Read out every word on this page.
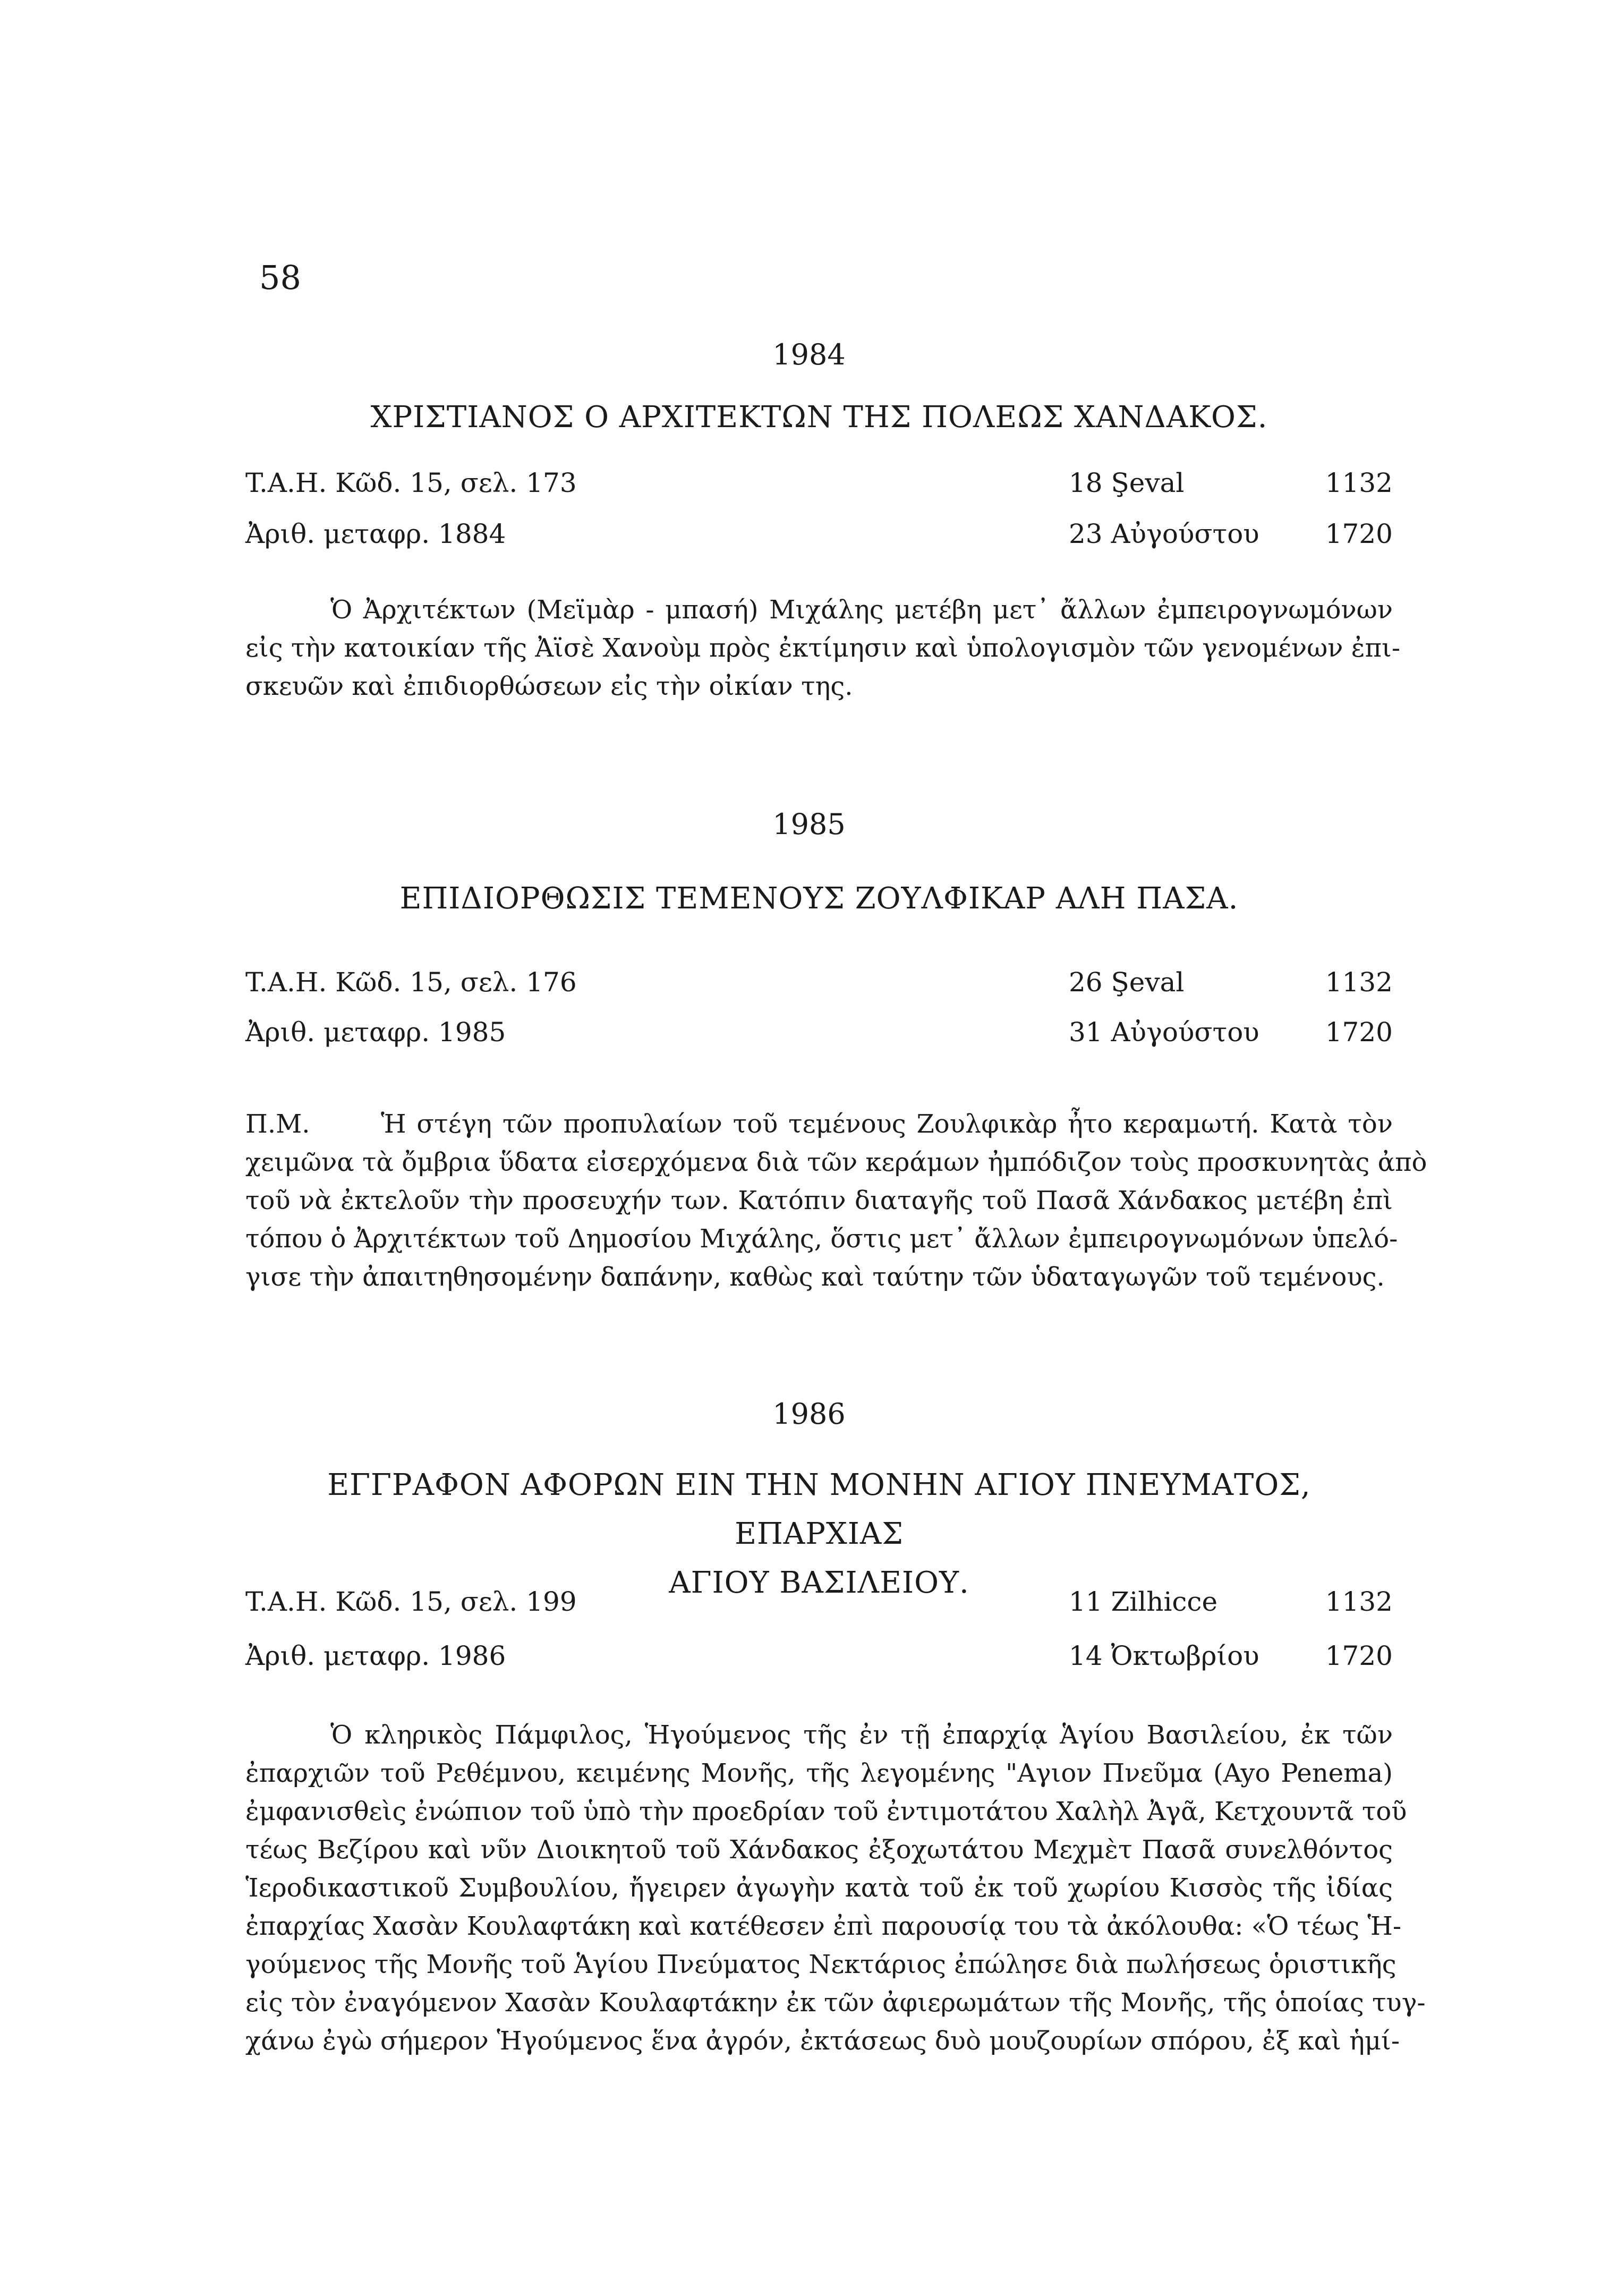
58
1984
ΧΡΙΣΤΙΑΝΟΣ Ο ΑΡΧΙΤΕΚΤΩΝ ΤΗΣ ΠΟΛΕΩΣ ΧΑΝΔΑΚΟΣ.
T.A.H. Κῶδ. 15, σελ. 173	18 Şeval	1132
Ἀριθ. μεταφρ. 1884	23 Αὐγούστου 1720
Ὁ Ἀρχιτέκτων (Μεϊμὰρ - μπασή) Μιχάλης μετέβη μετ᾽ ἄλλων ἐμπειρογνωμόνων
εἰς τὴν κατοικίαν τῆς Ἀϊσὲ Χανοὺμ πρὸς ἐκτίμησιν καὶ ὑπολογισμὸν τῶν γενομένων ἐπι-
σκευῶν καὶ ἐπιδιορθώσεων εἰς τὴν οἰκίαν της.
1985
ΕΠΙΔΙΟΡΘΩΣΙΣ ΤΕΜΕΝΟΥΣ ΖΟΥΛΦΙΚΑΡ ΑΛΗ ΠΑΣΑ.
T.A.H. Κῶδ. 15, σελ. 176	26 Şeval	1132
Ἀριθ. μεταφρ. 1985	31 Αὐγούστου 1720
Π.Μ.	Ἡ στέγη τῶν προπυλαίων τοῦ τεμένους Ζουλφικὰρ ἦτο κεραμωτή. Κατὰ τὸν
χειμῶνα τὰ ὄμβρια ὕδατα εἰσερχόμενα διὰ τῶν κεράμων ἠμπόδιζον τοὺς προσκυνητὰς ἀπὸ
τοῦ νὰ ἐκτελοῦν τὴν προσευχήν των. Κατόπιν διαταγῆς τοῦ Πασᾶ Χάνδακος μετέβη ἐπὶ
τόπου ὁ Ἀρχιτέκτων τοῦ Δημοσίου Μιχάλης, ὅστις μετ᾽ ἄλλων ἐμπειρογνωμόνων ὑπελό-
γισε τὴν ἀπαιτηθησομένην δαπάνην, καθὼς καὶ ταύτην τῶν ὑδαταγωγῶν τοῦ τεμένους.
1986
ΕΓΓΡΑΦΟΝ ΑΦΟΡΩΝ ΕΙΝ ΤΗΝ ΜΟΝΗΝ ΑΓΙΟΥ ΠΝΕΥΜΑΤΟΣ, ΕΠΑΡΧΙΑΣ
ΑΓΙΟΥ ΒΑΣΙΛΕΙΟΥ.
T.A.H. Κῶδ. 15, σελ. 199	11 Zilhicce	1132
Ἀριθ. μεταφρ. 1986	14 Ὀκτωβρίου 1720
Ὁ κληρικὸς Πάμφιλος, Ἡγούμενος τῆς ἐν τῇ ἐπαρχίᾳ Ἁγίου Βασιλείου, ἐκ τῶν
ἐπαρχιῶν τοῦ Ρεθέμνου, κειμένης Μονῆς, τῆς λεγομένης "Αγιον Πνεῦμα (Ayo Penema)
ἐμφανισθεὶς ἐνώπιον τοῦ ὑπὸ τὴν προεδρίαν τοῦ ἐντιμοτάτου Χαλὴλ Ἀγᾶ, Κετχουντᾶ τοῦ
τέως Βεζίρου καὶ νῦν Διοικητοῦ τοῦ Χάνδακος ἐξοχωτάτου Μεχμὲτ Πασᾶ συνελθόντος
Ἱεροδικαστικοῦ Συμβουλίου, ἤγειρεν ἀγωγὴν κατὰ τοῦ ἐκ τοῦ χωρίου Κισσὸς τῆς ἰδίας
ἐπαρχίας Χασὰν Κουλαφτάκη καὶ κατέθεσεν ἐπὶ παρουσίᾳ του τὰ ἀκόλουθα: «Ὁ τέως Ἡ-
γούμενος τῆς Μονῆς τοῦ Ἁγίου Πνεύματος Νεκτάριος ἐπώλησε διὰ πωλήσεως ὁριστικῆς
εἰς τὸν ἐναγόμενον Χασὰν Κουλαφτάκην ἐκ τῶν ἀφιερωμάτων τῆς Μονῆς, τῆς ὁποίας τυγ-
χάνω ἐγὼ σήμερον Ἡγούμενος ἕνα ἀγρόν, ἐκτάσεως δυὸ μουζουρίων σπόρου, ἐξ καὶ ἡμί-
